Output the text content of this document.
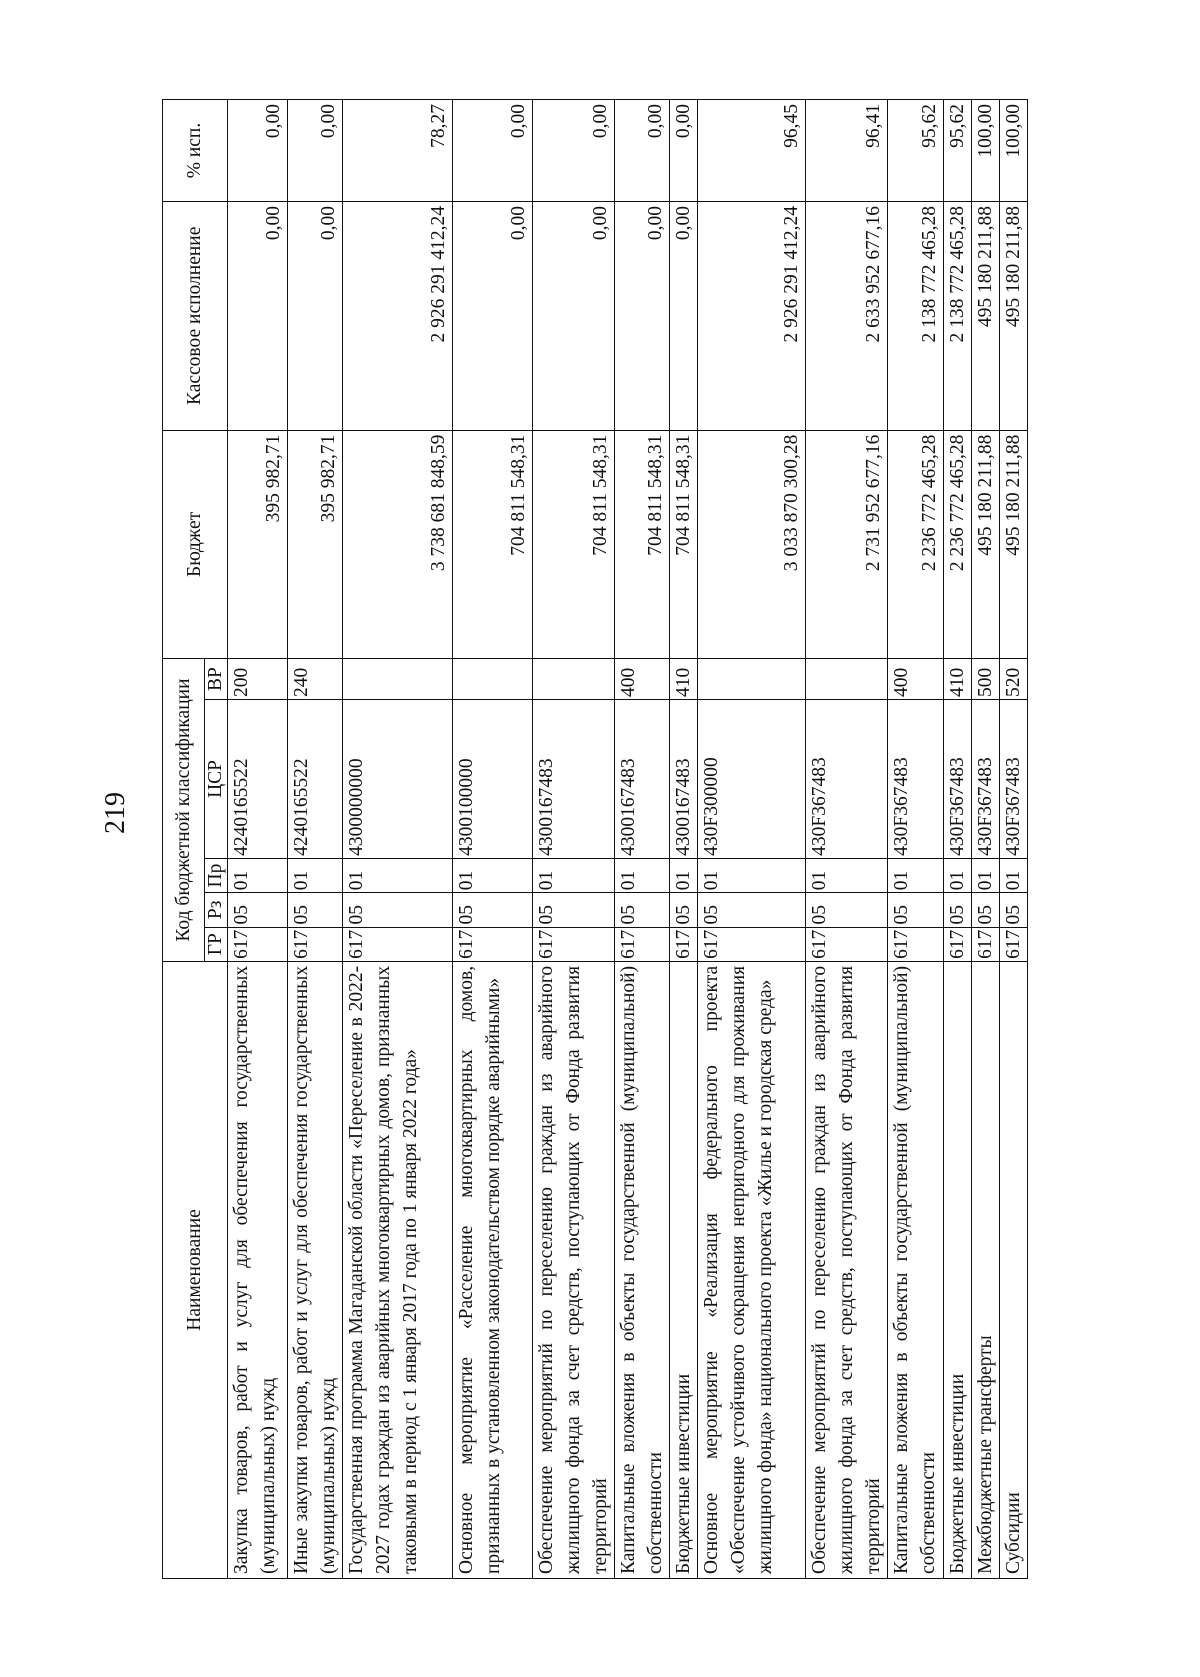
219
Наименование	Код бюджетной классификации					Бюджет	Кассовое исполнение	% исп.
	ГР	Рз	Пр	ЦСР	ВР			
Закупка товаров, работ и услуг для обеспечения государственных (муниципальных) нужд	617	05	01	4240165522	200	395 982,71	0,00	0,00
Иные закупки товаров, работ и услуг для обеспечения государственных (муниципальных) нужд	617	05	01	4240165522	240	395 982,71	0,00	0,00
Государственная программа Магаданской области «Переселение в 2022-2027 годах граждан из аварийных многоквартирных домов, признанных таковыми в период с 1 января 2017 года по 1 января 2022 года»	617	05	01	4300000000		3 738 681 848,59	2 926 291 412,24	78,27
Основное мероприятие «Расселение многоквартирных домов, признанных в установленном законодательством порядке аварийными»	617	05	01	4300100000		704 811 548,31	0,00	0,00
Обеспечение мероприятий по переселению граждан из аварийного жилищного фонда за счет средств, поступающих от Фонда развития территорий	617	05	01	4300167483		704 811 548,31	0,00	0,00
Капитальные вложения в объекты государственной (муниципальной) собственности	617	05	01	4300167483	400	704 811 548,31	0,00	0,00
Бюджетные инвестиции	617	05	01	4300167483	410	704 811 548,31	0,00	0,00
Основное мероприятие «Реализация федерального проекта «Обеспечение устойчивого сокращения непригодного для проживания жилищного фонда» национального проекта «Жилье и городская среда»	617	05	01	430F300000		3 033 870 300,28	2 926 291 412,24	96,45
Обеспечение мероприятий по переселению граждан из аварийного жилищного фонда за счет средств, поступающих от Фонда развития территорий	617	05	01	430F367483		2 731 952 677,16	2 633 952 677,16	96,41
Капитальные вложения в объекты государственной (муниципальной) собственности	617	05	01	430F367483	400	2 236 772 465,28	2 138 772 465,28	95,62
Бюджетные инвестиции	617	05	01	430F367483	410	2 236 772 465,28	2 138 772 465,28	95,62
Межбюджетные трансферты	617	05	01	430F367483	500	495 180 211,88	495 180 211,88	100,00
Субсидии	617	05	01	430F367483	520	495 180 211,88	495 180 211,88	100,00
